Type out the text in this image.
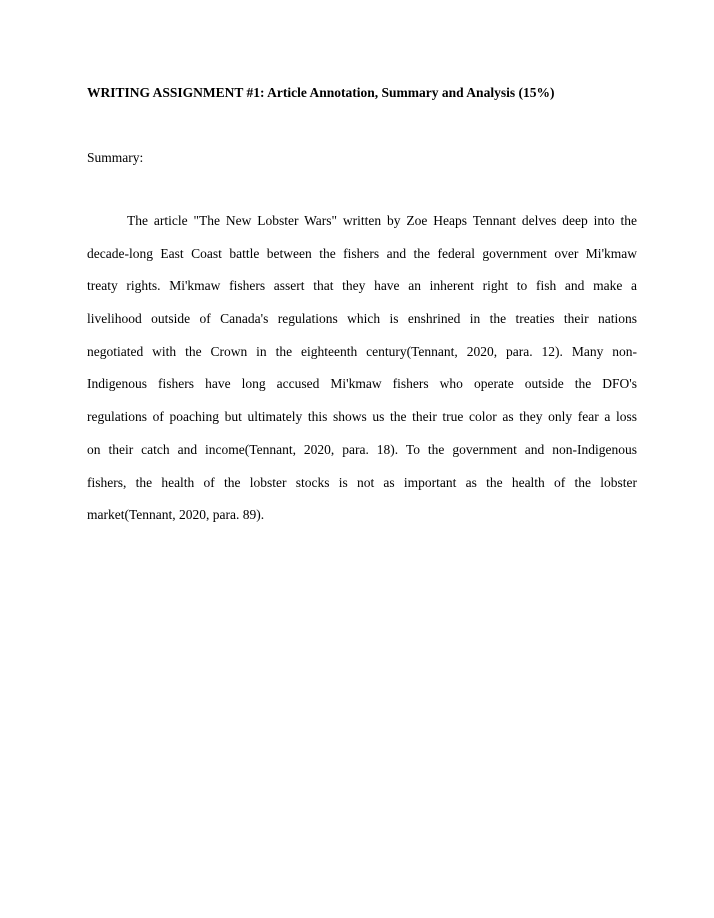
WRITING ASSIGNMENT #1: Article Annotation, Summary and Analysis (15%)
Summary:
The article "The New Lobster Wars" written by Zoe Heaps Tennant delves deep into the
decade-long East Coast battle between the fishers and the federal government over Mi'kmaw
treaty rights. Mi'kmaw fishers assert that they have an inherent right to fish and make a
livelihood outside of Canada's regulations which is enshrined in the treaties their nations
negotiated with the Crown in the eighteenth century(Tennant, 2020, para. 12). Many non-
Indigenous fishers have long accused Mi'kmaw fishers who operate outside the DFO's
regulations of poaching but ultimately this shows us the their true color as they only fear a loss
on their catch and income(Tennant, 2020, para. 18). To the government and non-Indigenous
fishers, the health of the lobster stocks is not as important as the health of the lobster
market(Tennant, 2020, para. 89).
